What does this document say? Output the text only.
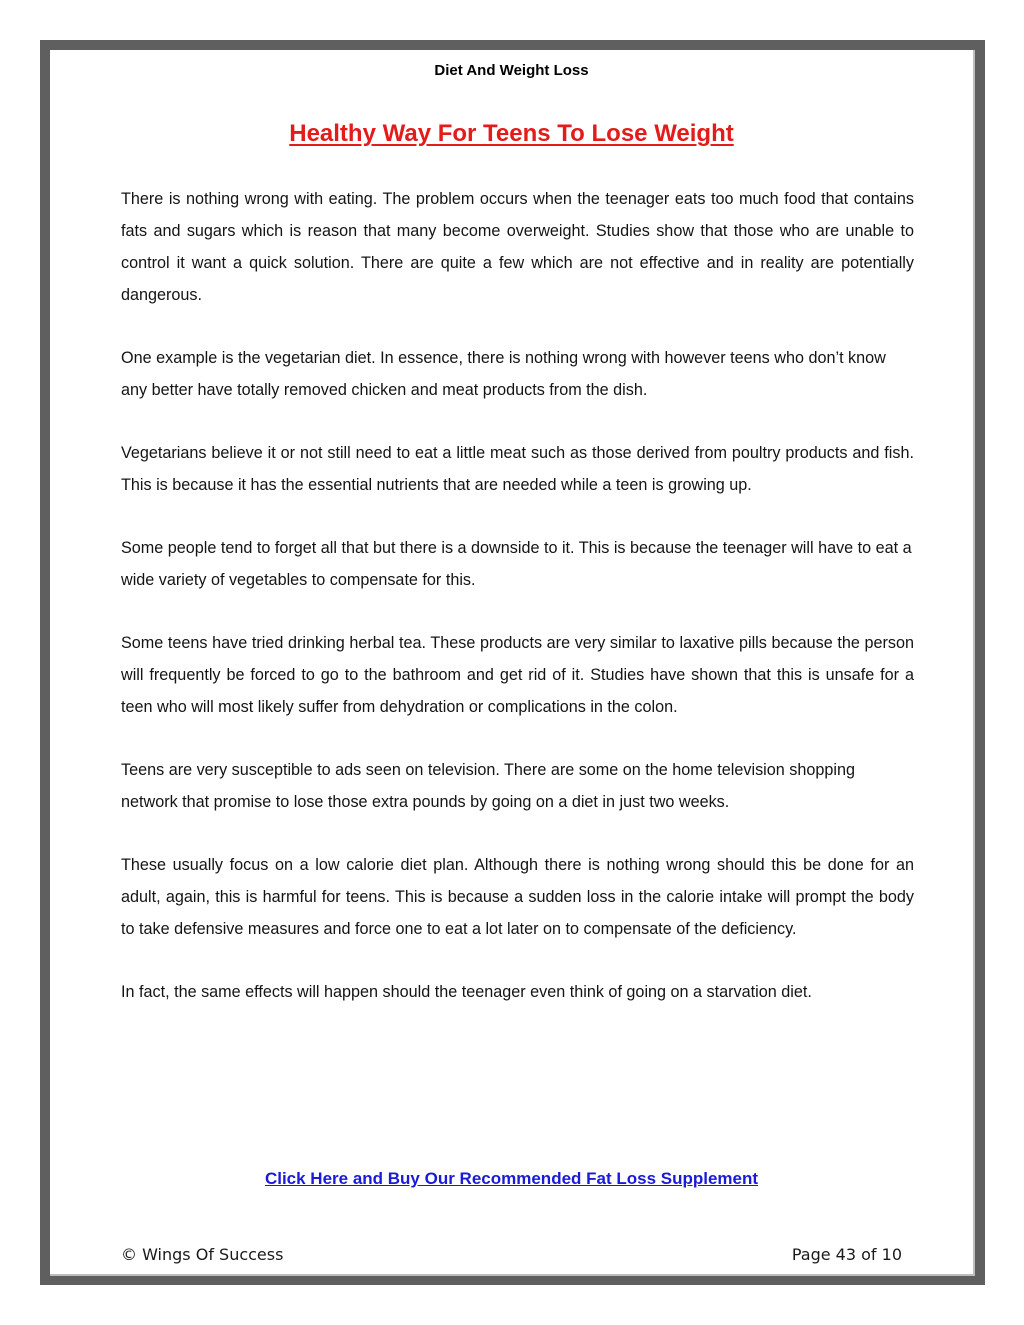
Diet And Weight Loss
Healthy Way For Teens To Lose Weight

There is nothing wrong with eating. The problem occurs when the teenager eats too much food that contains fats and sugars which is reason that many become overweight. Studies show that those who are unable to control it want a quick solution. There are quite a few which are not effective and in reality are potentially dangerous.

One example is the vegetarian diet. In essence, there is nothing wrong with however teens who don’t know any better have totally removed chicken and meat products from the dish.

Vegetarians believe it or not still need to eat a little meat such as those derived from poultry products and fish. This is because it has the essential nutrients that are needed while a teen is growing up.

Some people tend to forget all that but there is a downside to it. This is because the teenager will have to eat a wide variety of vegetables to compensate for this.

Some teens have tried drinking herbal tea. These products are very similar to laxative pills because the person will frequently be forced to go to the bathroom and get rid of it. Studies have shown that this is unsafe for a teen who will most likely suffer from dehydration or complications in the colon.

Teens are very susceptible to ads seen on television. There are some on the home television shopping network that promise to lose those extra pounds by going on a diet in just two weeks.

These usually focus on a low calorie diet plan. Although there is nothing wrong should this be done for an adult, again, this is harmful for teens. This is because a sudden loss in the calorie intake will prompt the body to take defensive measures and force one to eat a lot later on to compensate of the deficiency.

In fact, the same effects will happen should the teenager even think of going on a starvation diet.

Click Here and Buy Our Recommended Fat Loss Supplement
© Wings Of Success	Page 43 of 10
